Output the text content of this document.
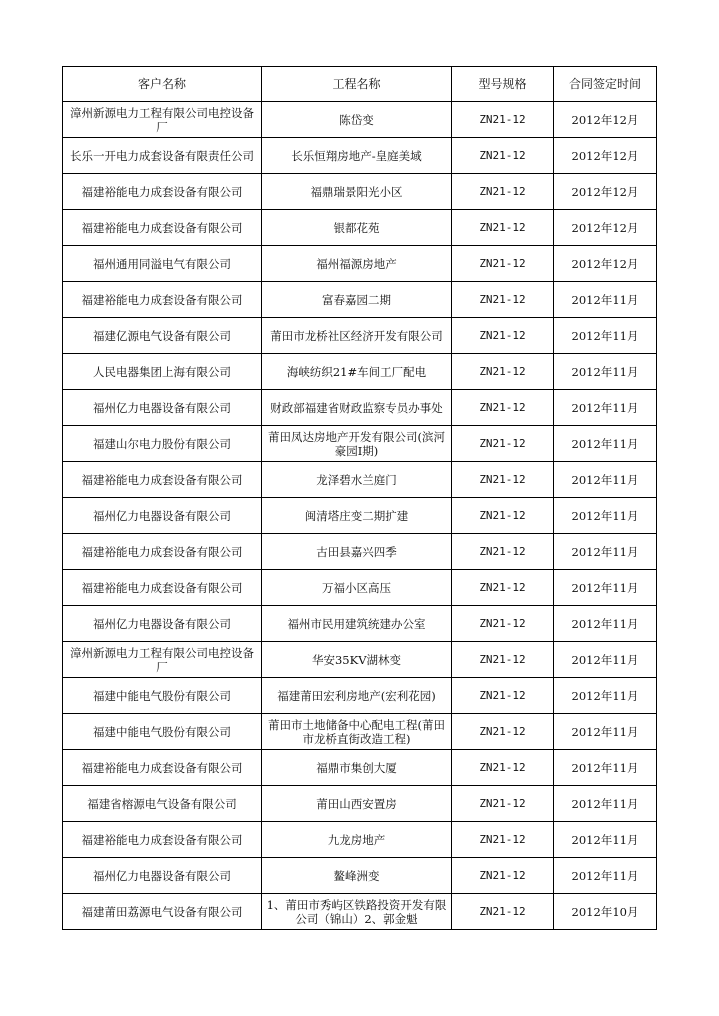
客户名称	工程名称	型号规格	合同签定时间
漳州新源电力工程有限公司电控设备厂	陈岱变	ZN21-12	2012年12月
长乐一开电力成套设备有限责任公司	长乐恒翔房地产-皇庭美域	ZN21-12	2012年12月
福建裕能电力成套设备有限公司	福鼎瑞景阳光小区	ZN21-12	2012年12月
福建裕能电力成套设备有限公司	银都花苑	ZN21-12	2012年12月
福州通用同溢电气有限公司	福州福源房地产	ZN21-12	2012年12月
福建裕能电力成套设备有限公司	富春嘉园二期	ZN21-12	2012年11月
福建亿源电气设备有限公司	莆田市龙桥社区经济开发有限公司	ZN21-12	2012年11月
人民电器集团上海有限公司	海峡纺织21#车间工厂配电	ZN21-12	2012年11月
福州亿力电器设备有限公司	财政部福建省财政监察专员办事处	ZN21-12	2012年11月
福建山尔电力股份有限公司	莆田凤达房地产开发有限公司(滨河豪园I期)	ZN21-12	2012年11月
福建裕能电力成套设备有限公司	龙泽碧水兰庭门	ZN21-12	2012年11月
福州亿力电器设备有限公司	闽清塔庄变二期扩建	ZN21-12	2012年11月
福建裕能电力成套设备有限公司	古田县嘉兴四季	ZN21-12	2012年11月
福建裕能电力成套设备有限公司	万福小区高压	ZN21-12	2012年11月
福州亿力电器设备有限公司	福州市民用建筑统建办公室	ZN21-12	2012年11月
漳州新源电力工程有限公司电控设备厂	华安35KV湖林变	ZN21-12	2012年11月
福建中能电气股份有限公司	福建莆田宏利房地产(宏利花园)	ZN21-12	2012年11月
福建中能电气股份有限公司	莆田市土地储备中心配电工程(莆田市龙桥直街改造工程)	ZN21-12	2012年11月
福建裕能电力成套设备有限公司	福鼎市集创大厦	ZN21-12	2012年11月
福建省榕源电气设备有限公司	莆田山西安置房	ZN21-12	2012年11月
福建裕能电力成套设备有限公司	九龙房地产	ZN21-12	2012年11月
福州亿力电器设备有限公司	鳌峰洲变	ZN21-12	2012年11月
福建莆田荔源电气设备有限公司	1、莆田市秀屿区铁路投资开发有限公司（锦山）2、郭金魁	ZN21-12	2012年10月
